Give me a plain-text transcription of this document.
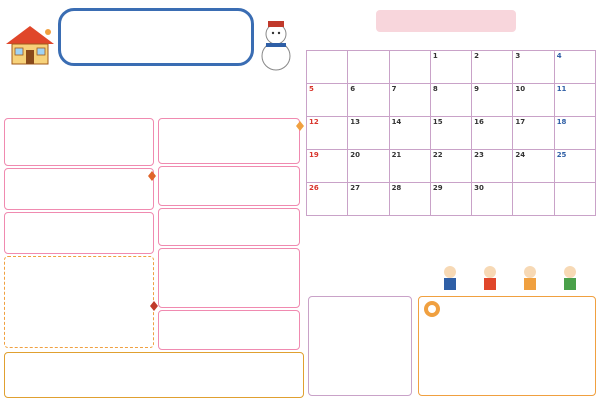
			1	2	3	4

5	6	7	8	9	10	11

12	13	14	15	16	17	18

19	20	21	22	23	24	25

26	27	28	29	30		
